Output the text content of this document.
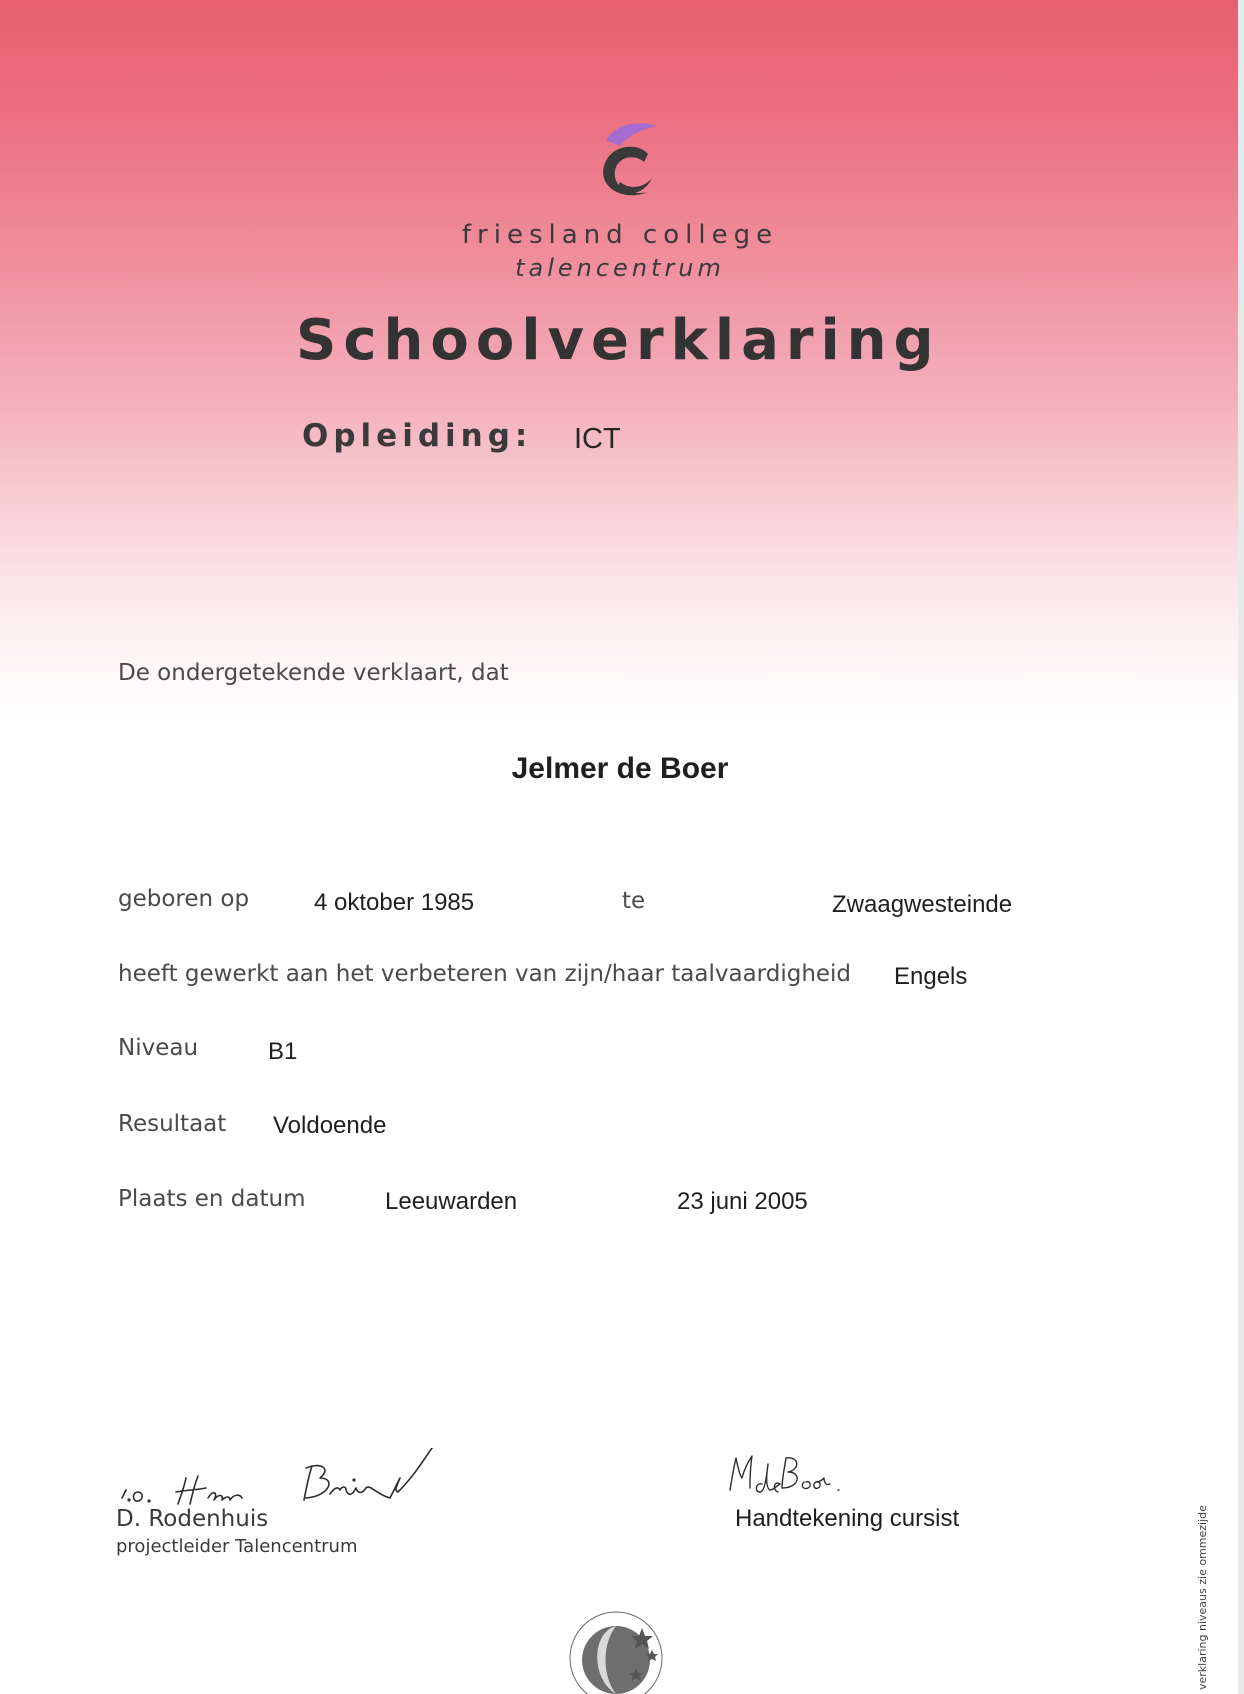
friesland college
talencentrum
Schoolverklaring
Opleiding: ICT
De ondergetekende verklaart, dat
Jelmer de Boer
geboren op	4 oktober 1985	te	Zwaagwesteinde
heeft gewerkt aan het verbeteren van zijn/haar taalvaardigheid Engels
Niveau	B1
Resultaat Voldoende
Plaats en datum	Leeuwarden	23 juni 2005
D. Rodenhuis
projectleider Talencentrum
Handtekening cursist	verklaring niveaus zie ommezijde
